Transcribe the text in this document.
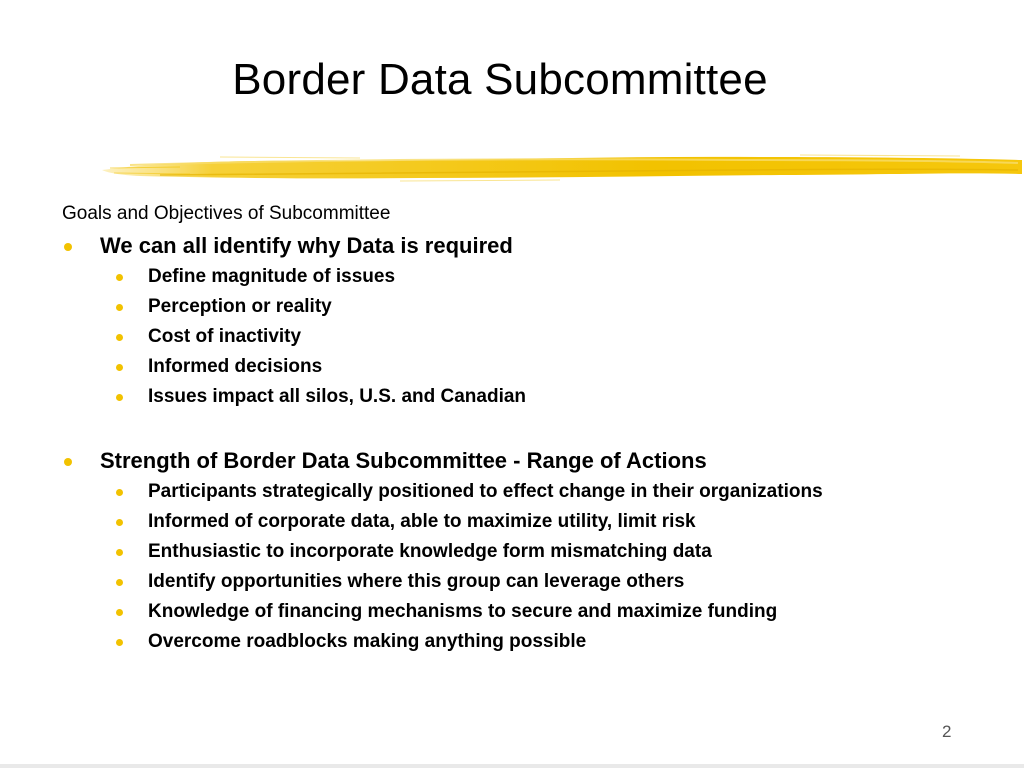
Border Data Subcommittee
Goals and Objectives of Subcommittee
We can all identify why Data is required
Define magnitude of issues
Perception or reality
Cost of inactivity
Informed decisions
Issues impact all silos, U.S. and Canadian
Strength of Border Data Subcommittee - Range of Actions
Participants strategically positioned to effect change in their organizations
Informed of corporate data, able to maximize utility, limit risk
Enthusiastic to incorporate knowledge form mismatching data
Identify opportunities where this group can leverage others
Knowledge of financing mechanisms to secure and maximize funding
Overcome roadblocks making anything possible
2
